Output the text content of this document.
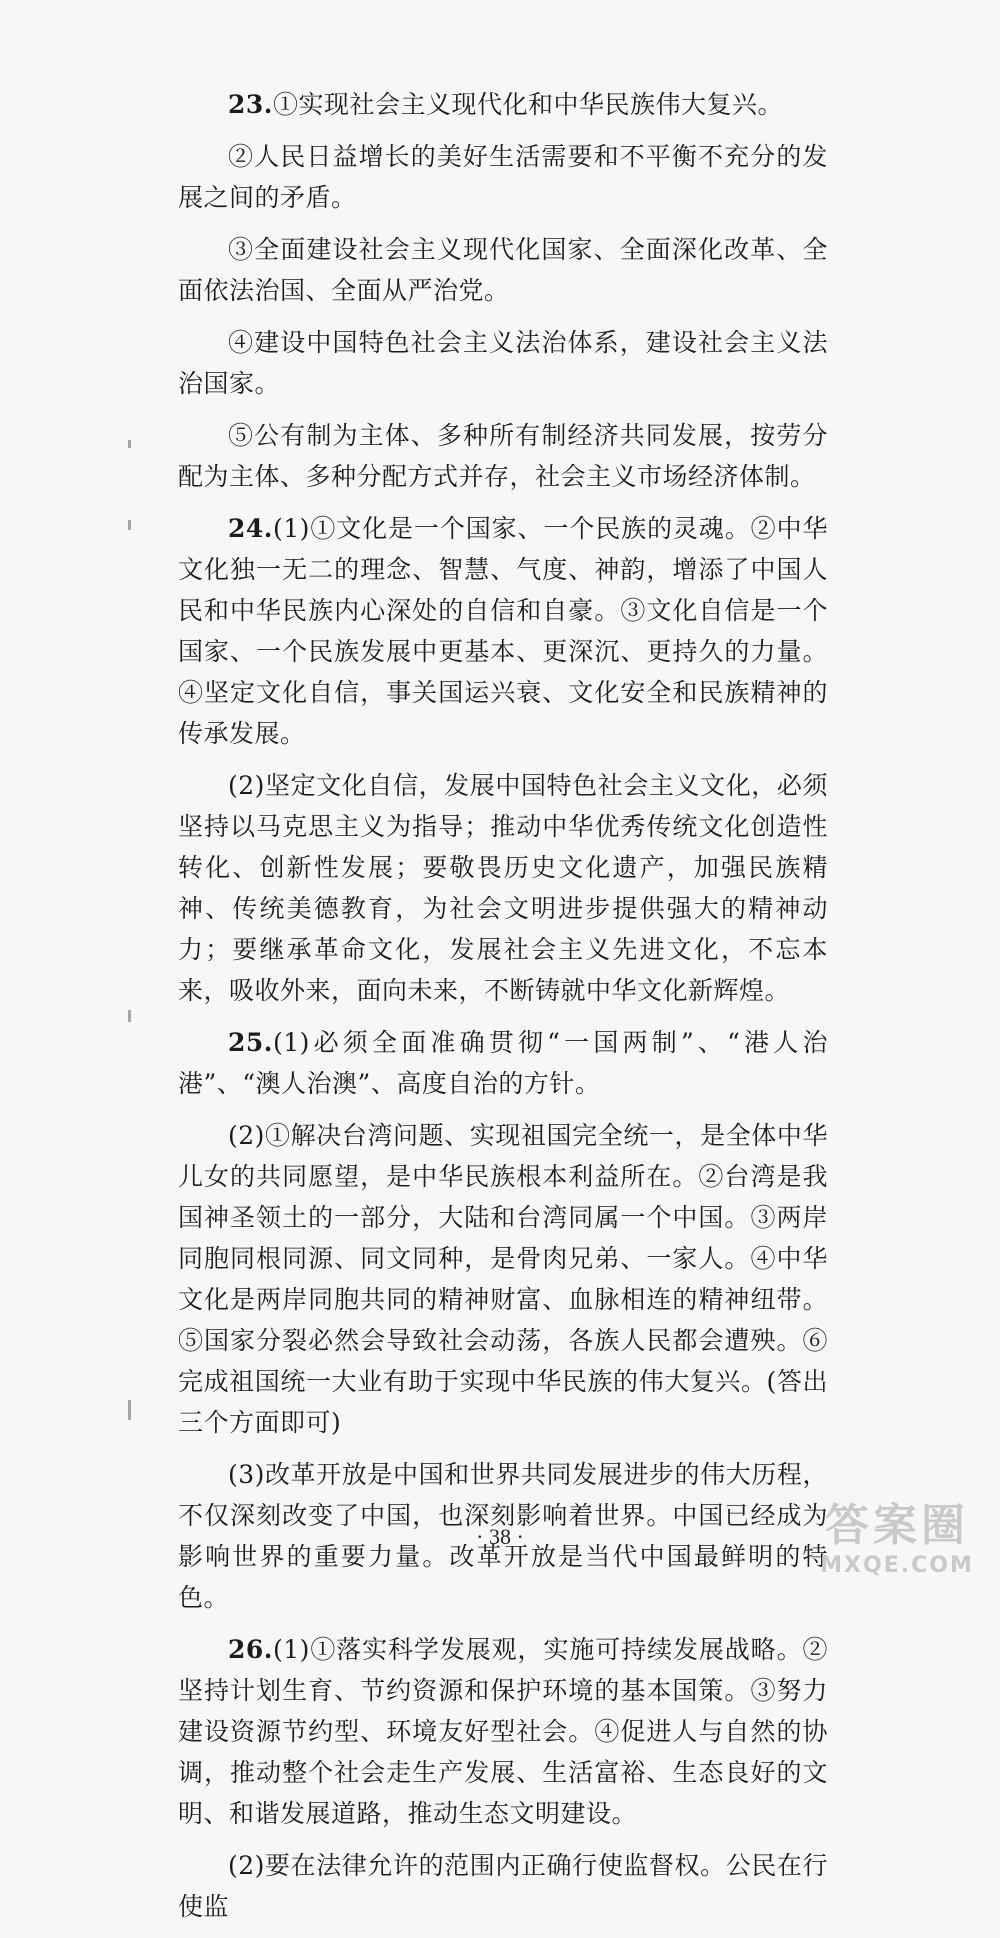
23.①实现社会主义现代化和中华民族伟大复兴。

②人民日益增长的美好生活需要和不平衡不充分的发展之间的矛盾。

③全面建设社会主义现代化国家、全面深化改革、全面依法治国、全面从严治党。

④建设中国特色社会主义法治体系，建设社会主义法治国家。

⑤公有制为主体、多种所有制经济共同发展，按劳分配为主体、多种分配方式并存，社会主义市场经济体制。

24.(1)①文化是一个国家、一个民族的灵魂。②中华文化独一无二的理念、智慧、气度、神韵，增添了中国人民和中华民族内心深处的自信和自豪。③文化自信是一个国家、一个民族发展中更基本、更深沉、更持久的力量。④坚定文化自信，事关国运兴衰、文化安全和民族精神的传承发展。

(2)坚定文化自信，发展中国特色社会主义文化，必须坚持以马克思主义为指导；推动中华优秀传统文化创造性转化、创新性发展；要敬畏历史文化遗产，加强民族精神、传统美德教育，为社会文明进步提供强大的精神动力；要继承革命文化，发展社会主义先进文化，不忘本来，吸收外来，面向未来，不断铸就中华文化新辉煌。

25.(1)必须全面准确贯彻“一国两制”、“港人治港”、“澳人治澳”、高度自治的方针。

(2)①解决台湾问题、实现祖国完全统一，是全体中华儿女的共同愿望，是中华民族根本利益所在。②台湾是我国神圣领土的一部分，大陆和台湾同属一个中国。③两岸同胞同根同源、同文同种，是骨肉兄弟、一家人。④中华文化是两岸同胞共同的精神财富、血脉相连的精神纽带。⑤国家分裂必然会导致社会动荡，各族人民都会遭殃。⑥完成祖国统一大业有助于实现中华民族的伟大复兴。(答出三个方面即可)

(3)改革开放是中国和世界共同发展进步的伟大历程，不仅深刻改变了中国，也深刻影响着世界。中国已经成为影响世界的重要力量。改革开放是当代中国最鲜明的特色。

26.(1)①落实科学发展观，实施可持续发展战略。②坚持计划生育、节约资源和保护环境的基本国策。③努力建设资源节约型、环境友好型社会。④促进人与自然的协调，推动整个社会走生产发展、生活富裕、生态良好的文明、和谐发展道路，推动生态文明建设。

(2)要在法律允许的范围内正确行使监督权。公民在行使监

· 38 ·	答案圈
MXQE.COM
